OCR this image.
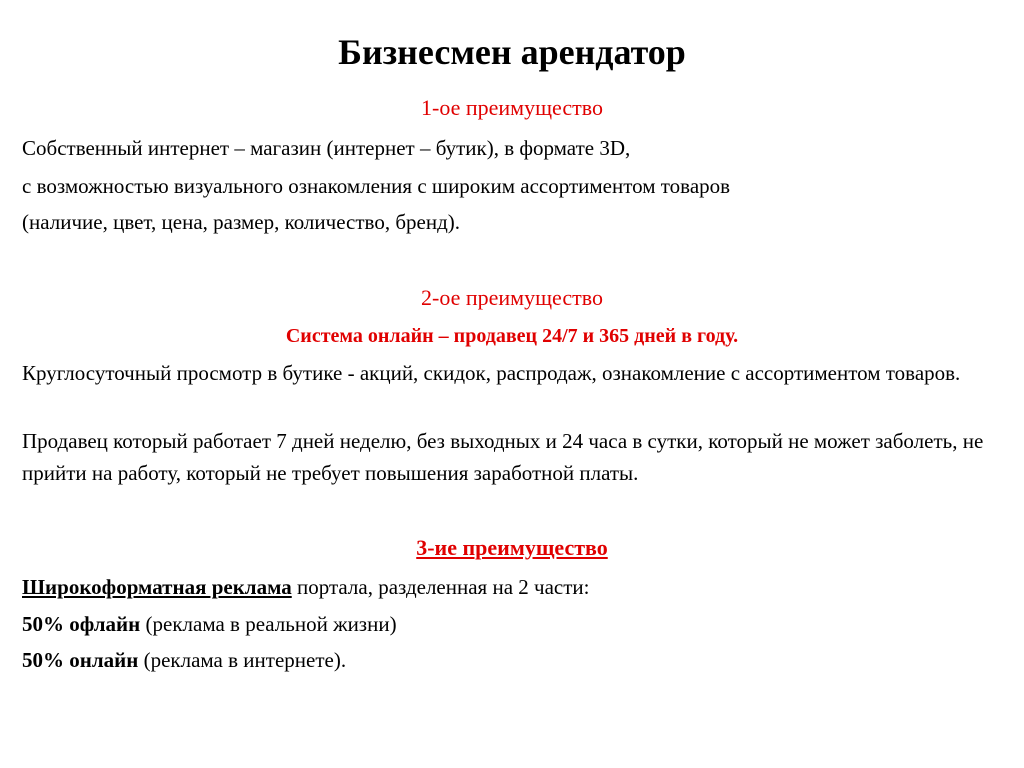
Бизнесмен арендатор
1-ое преимущество
Собственный интернет – магазин (интернет – бутик), в формате 3D,
с возможностью визуального ознакомления с широким ассортиментом товаров
(наличие, цвет, цена, размер, количество, бренд).
2-ое преимущество
Система онлайн – продавец 24/7 и 365 дней в году.
Круглосуточный просмотр в бутике - акций, скидок, распродаж, ознакомление с ассортиментом товаров.
Продавец который работает 7 дней неделю, без выходных и 24 часа в сутки, который не может заболеть, не прийти на работу, который не требует повышения заработной платы.
3-ие преимущество
Широкоформатная реклама портала, разделенная на 2 части:
50% офлайн (реклама в реальной жизни)
50% онлайн (реклама в интернете).
